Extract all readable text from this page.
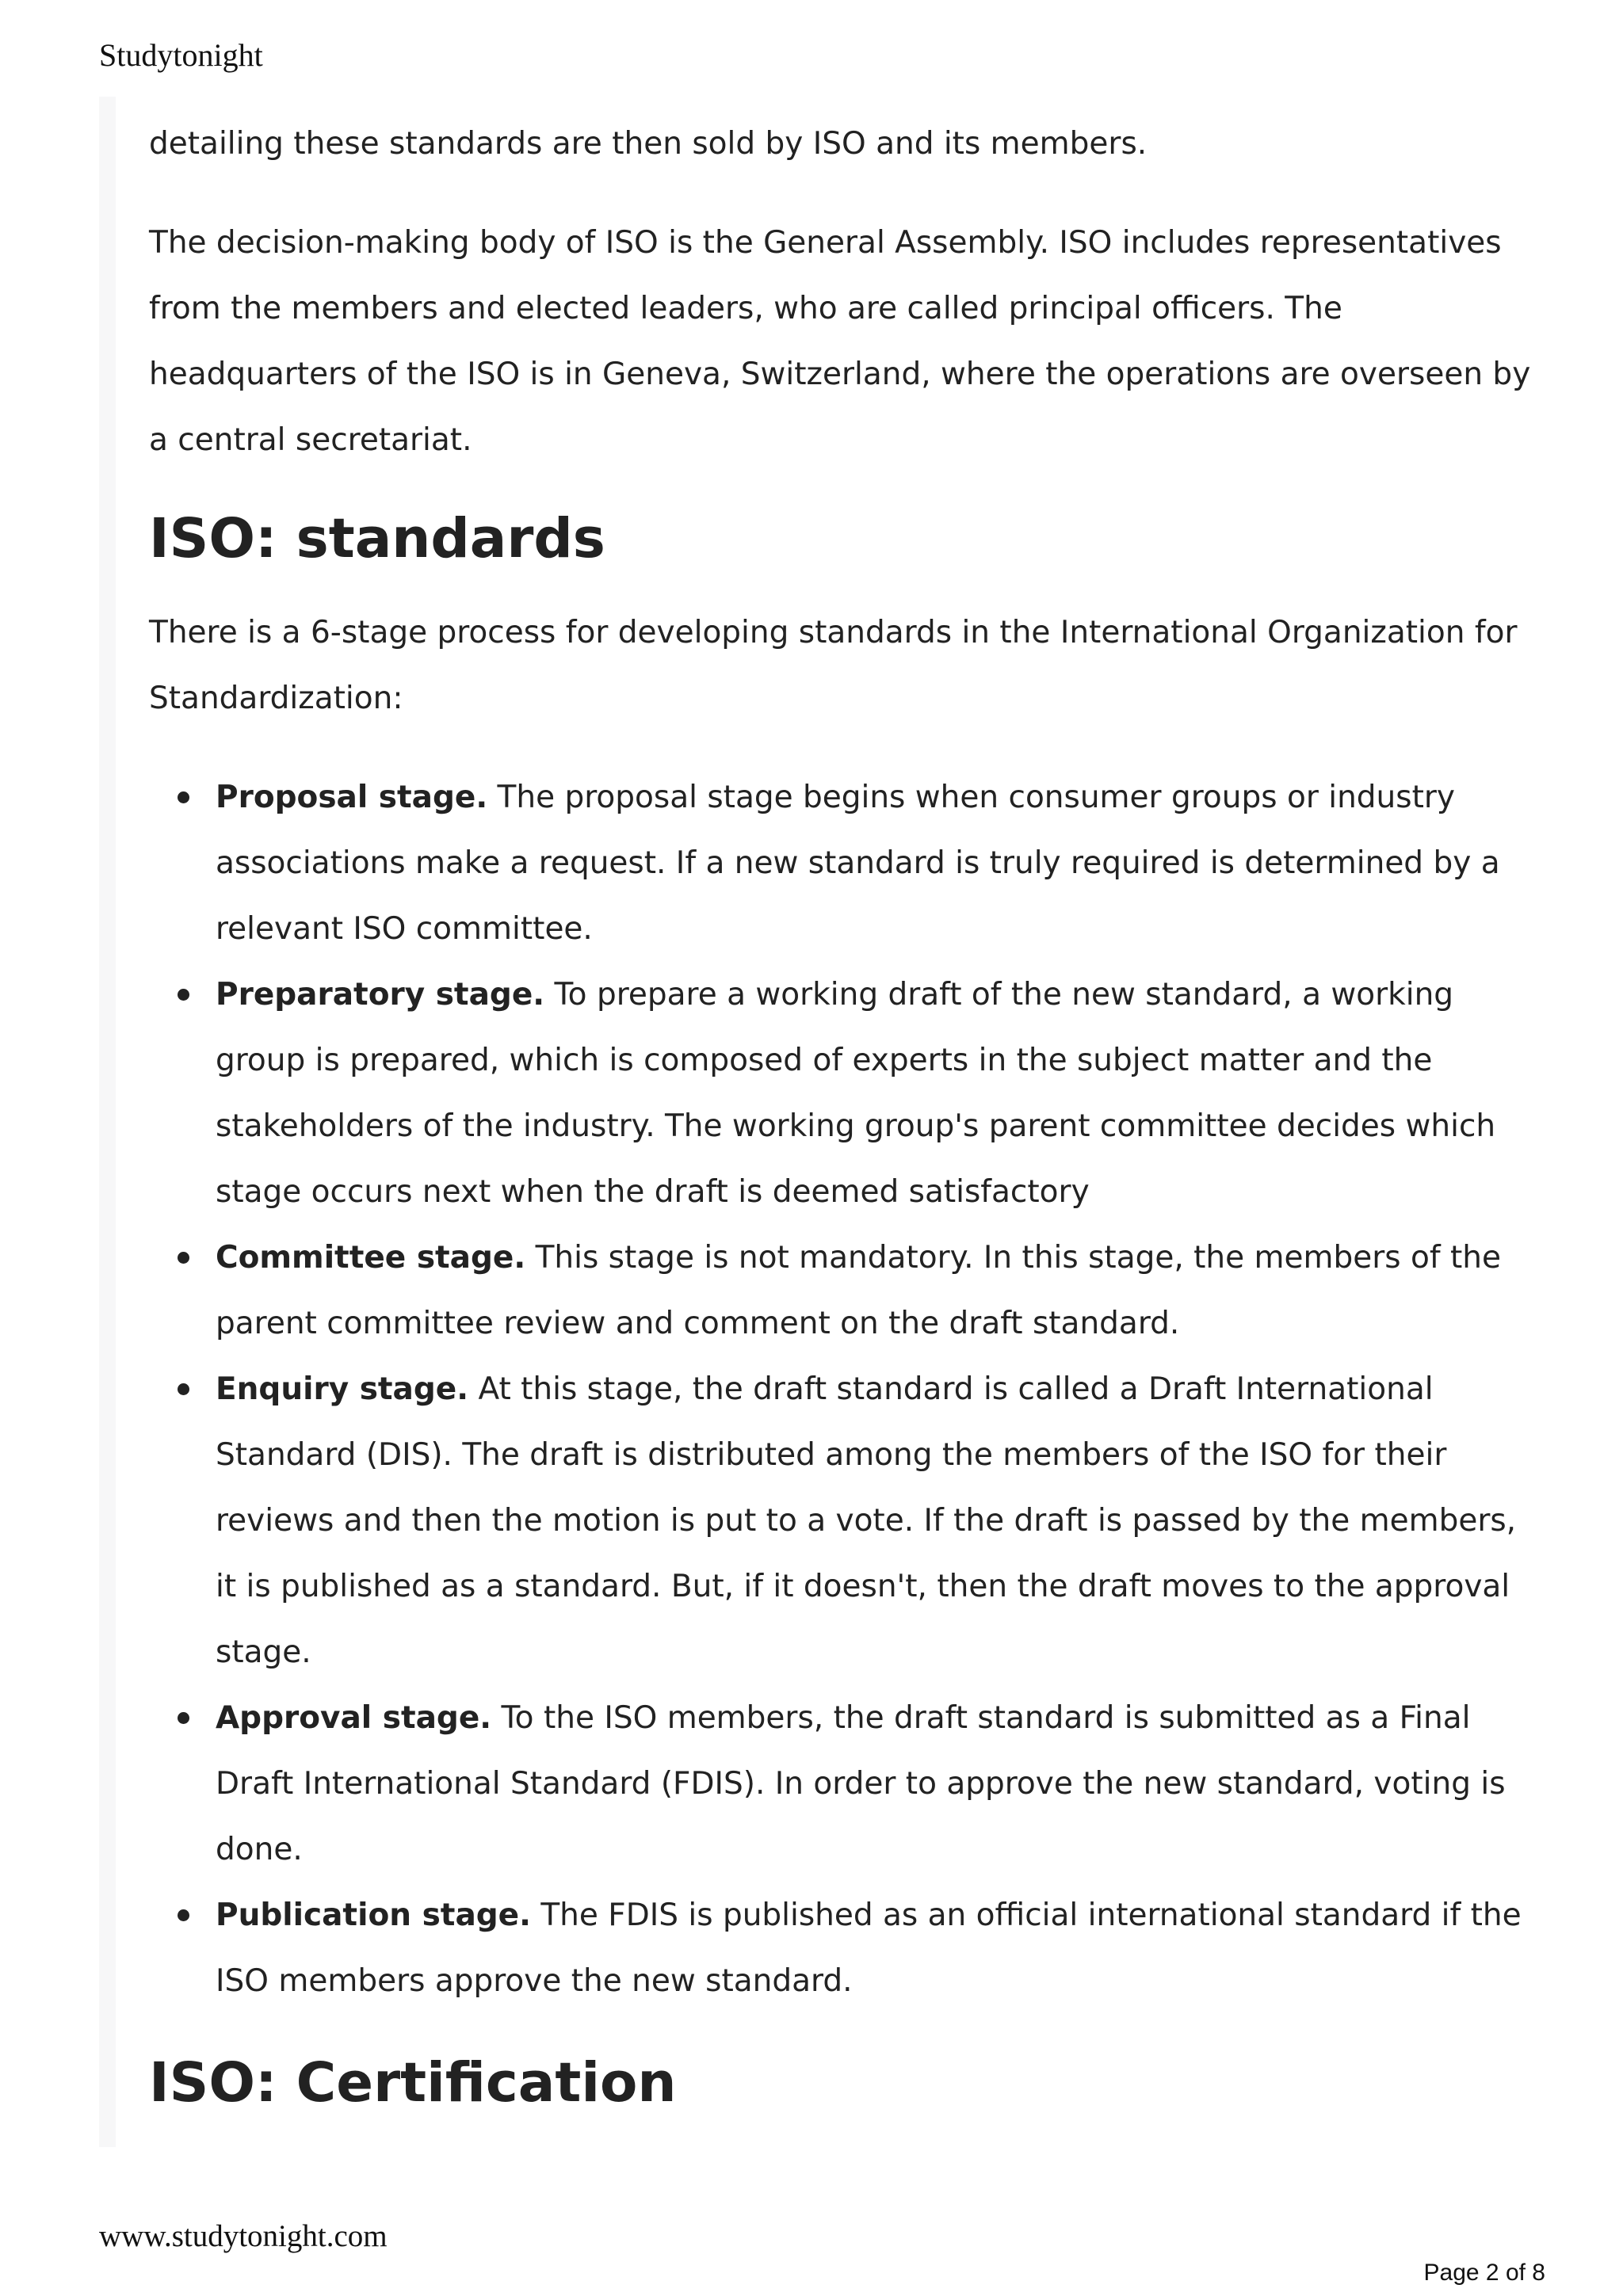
Studytonight

detailing these standards are then sold by ISO and its members.

The decision-making body of ISO is the General Assembly. ISO includes representatives from the members and elected leaders, who are called principal officers. The headquarters of the ISO is in Geneva, Switzerland, where the operations are overseen by a central secretariat.

ISO: standards

There is a 6-stage process for developing standards in the International Organization for Standardization:

Proposal stage. The proposal stage begins when consumer groups or industry associations make a request. If a new standard is truly required is determined by a relevant ISO committee.
Preparatory stage. To prepare a working draft of the new standard, a working group is prepared, which is composed of experts in the subject matter and the stakeholders of the industry. The working group's parent committee decides which stage occurs next when the draft is deemed satisfactory
Committee stage. This stage is not mandatory. In this stage, the members of the parent committee review and comment on the draft standard.
Enquiry stage. At this stage, the draft standard is called a Draft International Standard (DIS). The draft is distributed among the members of the ISO for their reviews and then the motion is put to a vote. If the draft is passed by the members, it is published as a standard. But, if it doesn't, then the draft moves to the approval stage.
Approval stage. To the ISO members, the draft standard is submitted as a Final Draft International Standard (FDIS). In order to approve the new standard, voting is done.
Publication stage. The FDIS is published as an official international standard if the ISO members approve the new standard.
ISO: Certification

www.studytonight.com

Page 2 of 8
